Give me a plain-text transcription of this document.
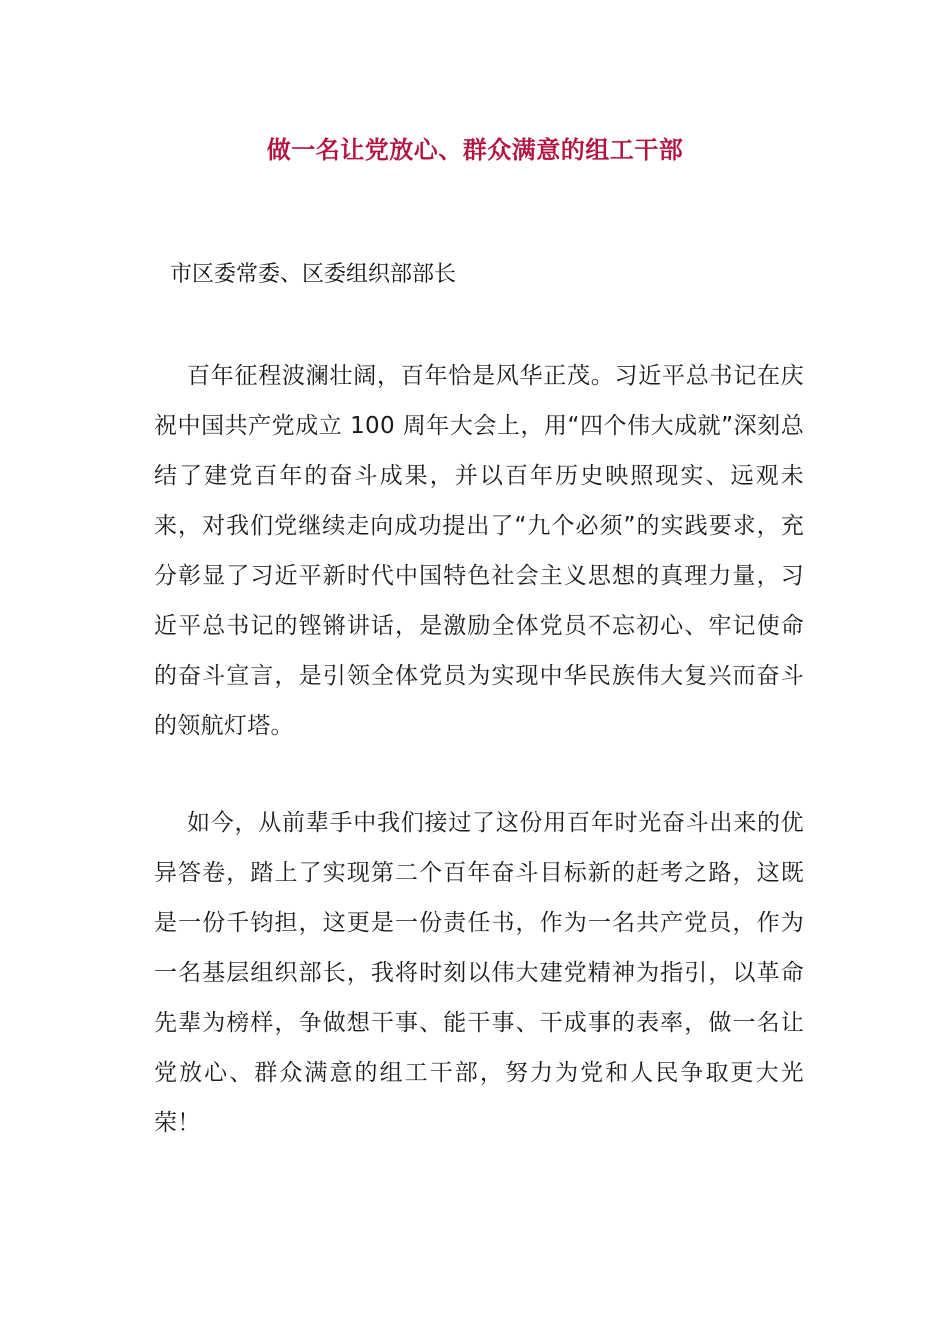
做一名让党放心、群众满意的组工干部
市区委常委、区委组织部部长

百年征程波澜壮阔，百年恰是风华正茂。习近平总书记在庆祝中国共产党成立 100 周年大会上，用“四个伟大成就”深刻总结了建党百年的奋斗成果，并以百年历史映照现实、远观未来，对我们党继续走向成功提出了“九个必须”的实践要求，充分彰显了习近平新时代中国特色社会主义思想的真理力量，习近平总书记的铿锵讲话，是激励全体党员不忘初心、牢记使命的奋斗宣言，是引领全体党员为实现中华民族伟大复兴而奋斗的领航灯塔。

如今，从前辈手中我们接过了这份用百年时光奋斗出来的优异答卷，踏上了实现第二个百年奋斗目标新的赶考之路，这既是一份千钧担，这更是一份责任书，作为一名共产党员，作为一名基层组织部长，我将时刻以伟大建党精神为指引，以革命先辈为榜样，争做想干事、能干事、干成事的表率，做一名让党放心、群众满意的组工干部，努力为党和人民争取更大光荣！
